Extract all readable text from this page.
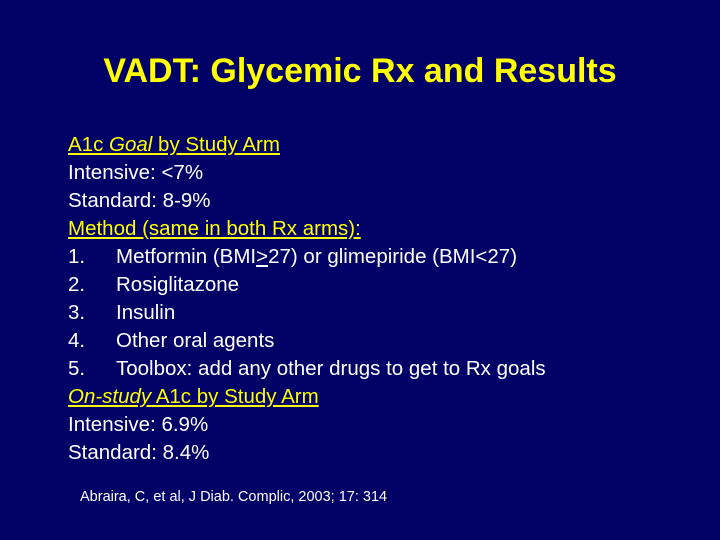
VADT: Glycemic Rx and Results
A1c Goal by Study Arm
Intensive: <7%
Standard: 8-9%
Method (same in both Rx arms):
1. Metformin (BMI>27) or glimepiride (BMI<27)
2. Rosiglitazone
3. Insulin
4. Other oral agents
5. Toolbox: add any other drugs to get to Rx goals
On-study A1c by Study Arm
Intensive: 6.9%
Standard: 8.4%
Abraira, C, et al, J Diab. Complic, 2003; 17: 314
